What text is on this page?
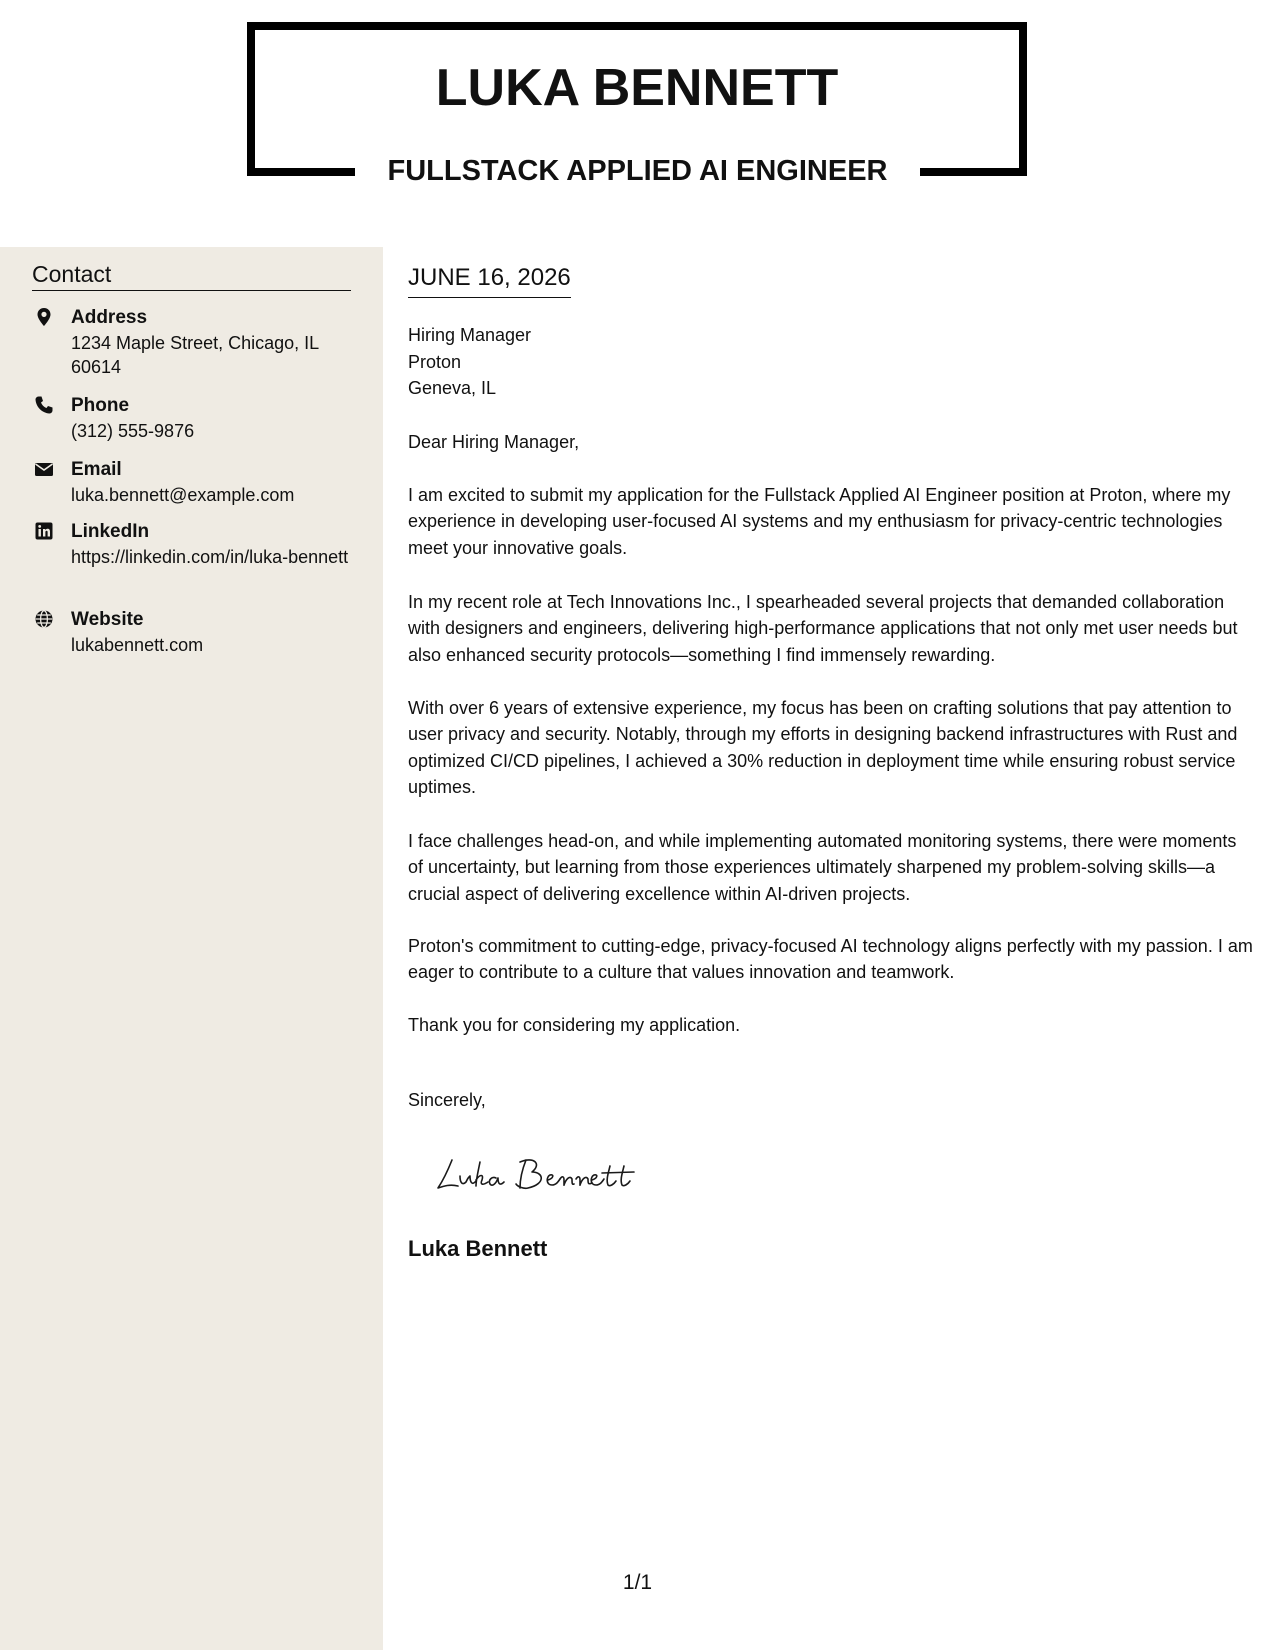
LUKA BENNETT
FULLSTACK APPLIED AI ENGINEER
Contact
Address
1234 Maple Street, Chicago, IL 60614
Phone
(312) 555-9876
Email
luka.bennett@example.com
LinkedIn
https://linkedin.com/in/luka-bennett
Website
lukabennett.com
JUNE 16, 2026
Hiring Manager
Proton
Geneva, IL
Dear Hiring Manager,

I am excited to submit my application for the Fullstack Applied AI Engineer position at Proton, where my experience in developing user-focused AI systems and my enthusiasm for privacy-centric technologies meet your innovative goals.

In my recent role at Tech Innovations Inc., I spearheaded several projects that demanded collaboration with designers and engineers, delivering high-performance applications that not only met user needs but also enhanced security protocols—something I find immensely rewarding.

With over 6 years of extensive experience, my focus has been on crafting solutions that pay attention to user privacy and security. Notably, through my efforts in designing backend infrastructures with Rust and optimized CI/CD pipelines, I achieved a 30% reduction in deployment time while ensuring robust service uptimes.

I face challenges head-on, and while implementing automated monitoring systems, there were moments of uncertainty, but learning from those experiences ultimately sharpened my problem-solving skills—a crucial aspect of delivering excellence within AI-driven projects.

Proton's commitment to cutting-edge, privacy-focused AI technology aligns perfectly with my passion. I am eager to contribute to a culture that values innovation and teamwork.

Thank you for considering my application.

Sincerely,
Luka Bennett
1/1
